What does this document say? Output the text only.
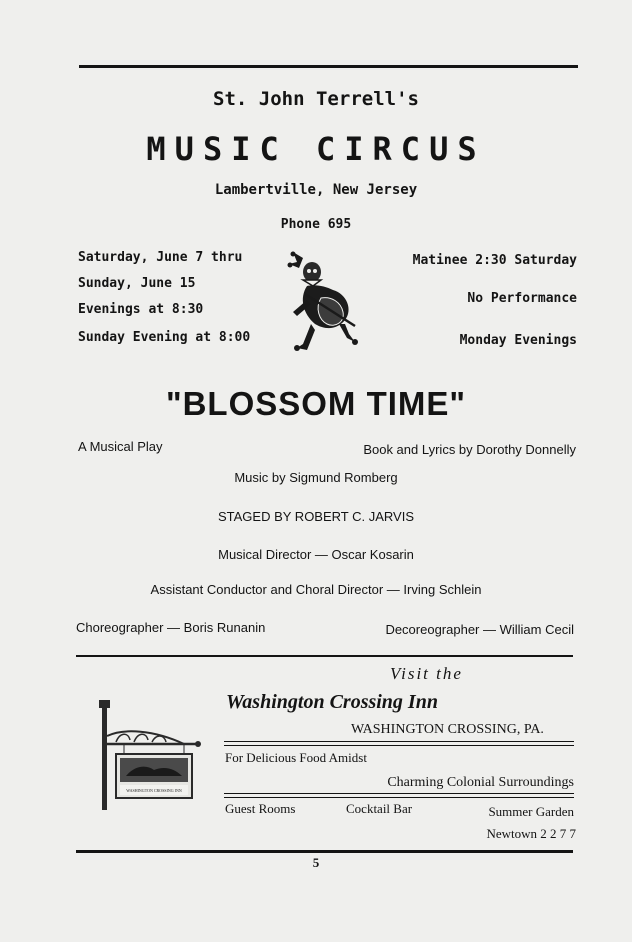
St. John Terrell's
MUSIC CIRCUS
Lambertville, New Jersey
Phone 695
Saturday, June 7 thru
Sunday, June 15
Evenings at 8:30
Sunday Evening at 8:00
Matinee 2:30 Saturday
No Performance
Monday Evenings
"BLOSSOM TIME"
A Musical Play	Book and Lyrics by Dorothy Donnelly
Music by Sigmund Romberg
STAGED BY ROBERT C. JARVIS
Musical Director — Oscar Kosarin
Assistant Conductor and Choral Director — Irving Schlein
Choreographer — Boris Runanin	Decoreographer — William Cecil
Visit the
Washington Crossing Inn
WASHINGTON CROSSING, PA.
For Delicious Food Amidst
Charming Colonial Surroundings
Guest Rooms	Cocktail Bar	Summer Garden
Newtown 2 2 7 7
WASHINGTON CROSSING INN
5
